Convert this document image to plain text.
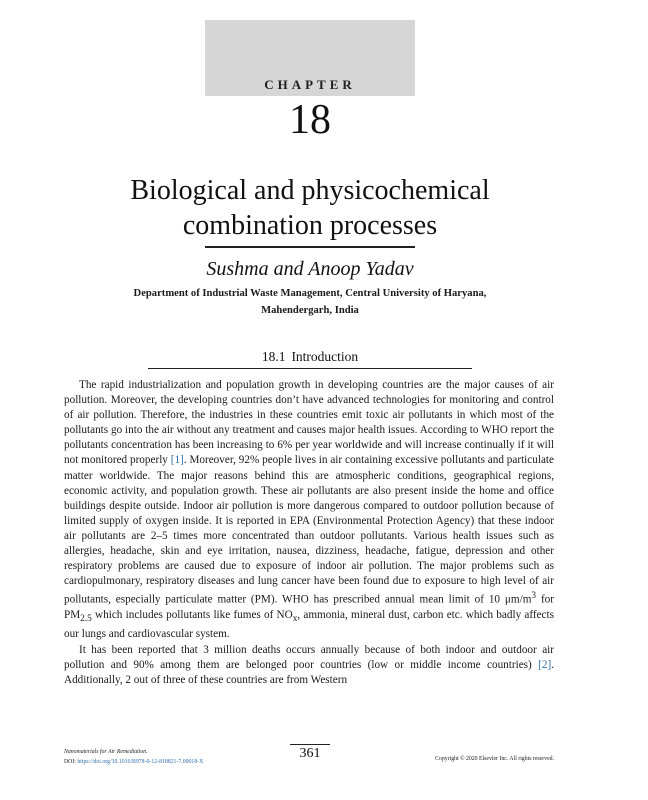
CHAPTER
18
Biological and physicochemical
combination processes
Sushma and Anoop Yadav
Department of Industrial Waste Management, Central University of Haryana,
Mahendergarh, India
18.1 Introduction

The rapid industrialization and population growth in developing countries are the major causes of air pollution. Moreover, the developing countries don’t have advanced technologies for monitoring and control of air pollution. Therefore, the industries in these countries emit toxic air pollutants in which most of the pollutants go into the air without any treatment and causes major health issues. According to WHO report the pollutants concentration has been increasing to 6% per year worldwide and will increase continually if it will not monitored properly [1]. Moreover, 92% people lives in air containing excessive pollutants and particulate matter worldwide. The major reasons behind this are atmospheric conditions, geographical regions, economic activity, and population growth. These air pollutants are also present inside the home and office buildings despite outside. Indoor air pollution is more dangerous compared to outdoor pollution because of limited supply of oxygen inside. It is reported in EPA (Environmental Protection Agency) that these indoor air pollutants are 2–5 times more concentrated than outdoor pollutants. Various health issues such as allergies, headache, skin and eye irritation, nausea, dizziness, headache, fatigue, depression and other respiratory problems are caused due to exposure of indoor air pollution. The major problems such as cardiopulmonary, respiratory diseases and lung cancer have been found due to exposure to high level of air pollutants, especially particulate matter (PM). WHO has prescribed annual mean limit of 10 $\mu m/m^3$ for $PM_{2.5}$ which includes pollutants like fumes of $NO_x$, ammonia, mineral dust, carbon etc. which badly affects our lungs and cardiovascular system.

It has been reported that 3 million deaths occurs annually because of both indoor and outdoor air pollution and 90% among them are belonged poor countries (low or middle income countries) [2]. Additionally, 2 out of three of these countries are from Western

Nanomaterials for Air Remediation.
DOI: https://doi.org/10.1016/B978-0-12-818821-7.00018-X
361	Copyright © 2020 Elsevier Inc. All rights reserved.
